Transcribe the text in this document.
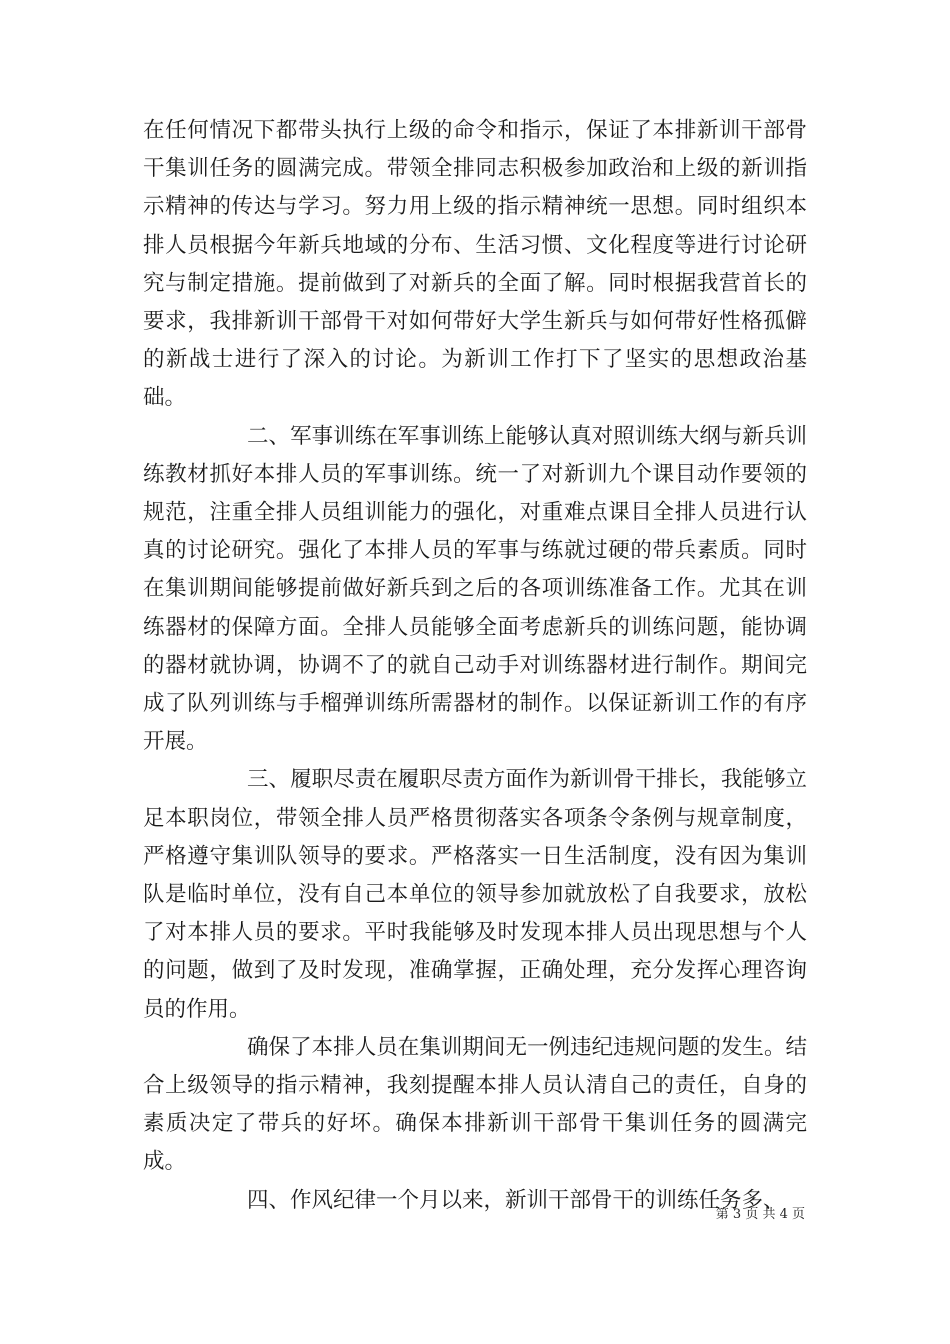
在任何情况下都带头执行上级的命令和指示，保证了本排新训干部骨干集训任务的圆满完成。带领全排同志积极参加政治和上级的新训指示精神的传达与学习。努力用上级的指示精神统一思想。同时组织本排人员根据今年新兵地域的分布、生活习惯、文化程度等进行讨论研究与制定措施。提前做到了对新兵的全面了解。同时根据我营首长的要求，我排新训干部骨干对如何带好大学生新兵与如何带好性格孤僻的新战士进行了深入的讨论。为新训工作打下了坚实的思想政治基础。

二、军事训练在军事训练上能够认真对照训练大纲与新兵训练教材抓好本排人员的军事训练。统一了对新训九个课目动作要领的规范，注重全排人员组训能力的强化，对重难点课目全排人员进行认真的讨论研究。强化了本排人员的军事与练就过硬的带兵素质。同时在集训期间能够提前做好新兵到之后的各项训练准备工作。尤其在训练器材的保障方面。全排人员能够全面考虑新兵的训练问题，能协调的器材就协调，协调不了的就自己动手对训练器材进行制作。期间完成了队列训练与手榴弹训练所需器材的制作。以保证新训工作的有序开展。

三、履职尽责在履职尽责方面作为新训骨干排长，我能够立足本职岗位，带领全排人员严格贯彻落实各项条令条例与规章制度，严格遵守集训队领导的要求。严格落实一日生活制度，没有因为集训队是临时单位，没有自己本单位的领导参加就放松了自我要求，放松了对本排人员的要求。平时我能够及时发现本排人员出现思想与个人的问题，做到了及时发现，准确掌握，正确处理，充分发挥心理咨询员的作用。

确保了本排人员在集训期间无一例违纪违规问题的发生。结合上级领导的指示精神，我刻提醒本排人员认清自己的责任，自身的素质决定了带兵的好坏。确保本排新训干部骨干集训任务的圆满完成。

四、作风纪律一个月以来，新训干部骨干的训练任务多、

第 3 页 共 4 页
